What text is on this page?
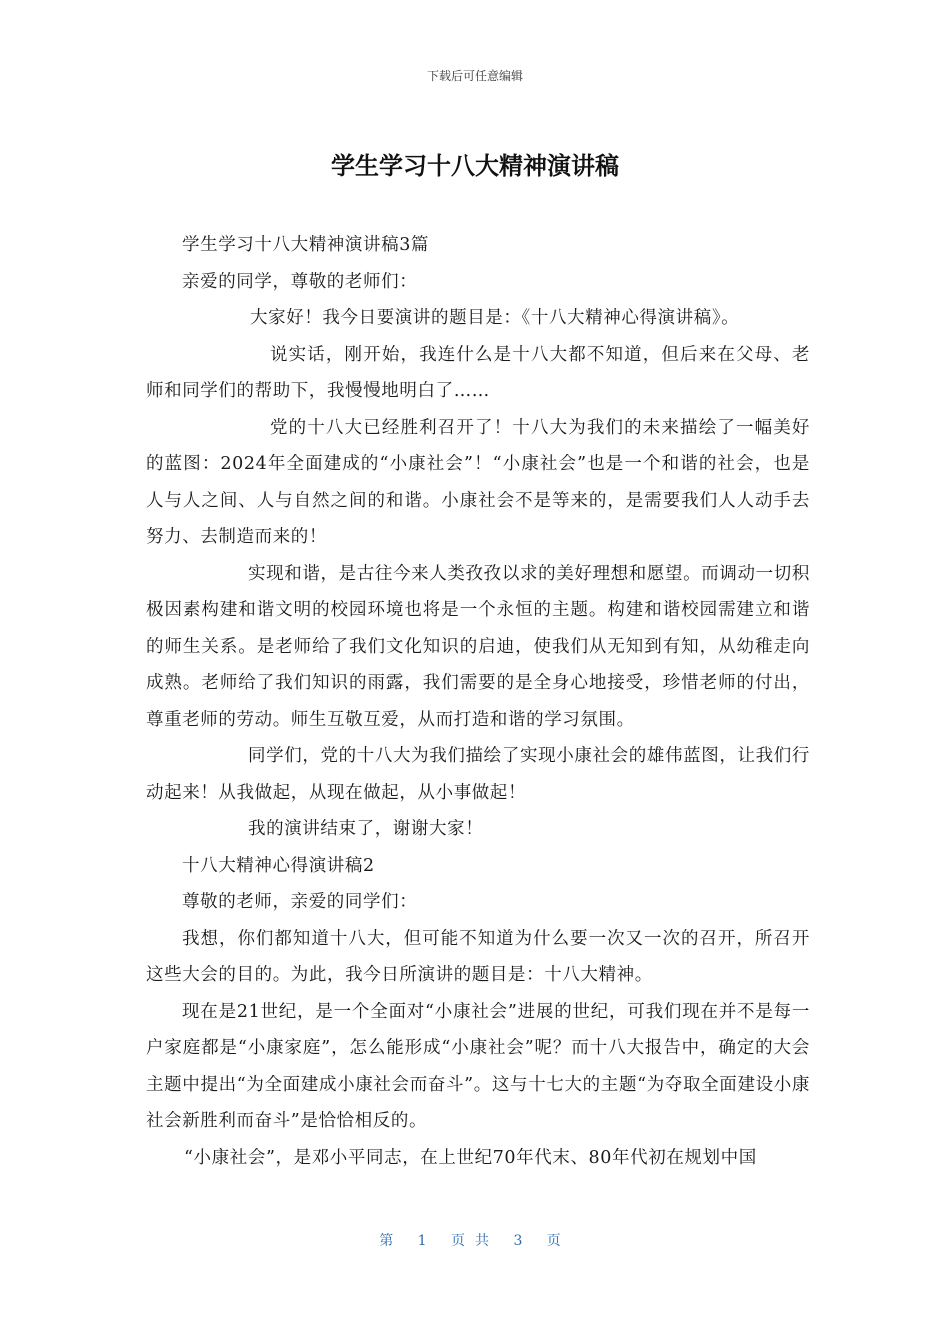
下载后可任意编辑
学生学习十八大精神演讲稿

学生学习十八大精神演讲稿3篇

亲爱的同学，尊敬的老师们：

大家好！我今日要演讲的题目是：《十八大精神心得演讲稿》。

说实话，刚开始，我连什么是十八大都不知道，但后来在父母、老师和同学们的帮助下，我慢慢地明白了……

党的十八大已经胜利召开了！十八大为我们的未来描绘了一幅美好的蓝图：2024年全面建成的“小康社会”！“小康社会”也是一个和谐的社会，也是人与人之间、人与自然之间的和谐。小康社会不是等来的，是需要我们人人动手去努力、去制造而来的！

实现和谐，是古往今来人类孜孜以求的美好理想和愿望。而调动一切积极因素构建和谐文明的校园环境也将是一个永恒的主题。构建和谐校园需建立和谐的师生关系。是老师给了我们文化知识的启迪，使我们从无知到有知，从幼稚走向成熟。老师给了我们知识的雨露，我们需要的是全身心地接受，珍惜老师的付出，尊重老师的劳动。师生互敬互爱，从而打造和谐的学习氛围。

同学们，党的十八大为我们描绘了实现小康社会的雄伟蓝图，让我们行动起来！从我做起，从现在做起，从小事做起！

我的演讲结束了，谢谢大家！

十八大精神心得演讲稿2

尊敬的老师，亲爱的同学们：

我想，你们都知道十八大，但可能不知道为什么要一次又一次的召开，所召开这些大会的目的。为此，我今日所演讲的题目是：十八大精神。

现在是21世纪，是一个全面对“小康社会”进展的世纪，可我们现在并不是每一户家庭都是“小康家庭”，怎么能形成“小康社会”呢？而十八大报告中，确定的大会主题中提出“为全面建成小康社会而奋斗”。这与十七大的主题“为夺取全面建设小康社会新胜利而奋斗”是恰恰相反的。

“小康社会”，是邓小平同志，在上世纪70年代末、80年代初在规划中国

第 1 页共 3 页
